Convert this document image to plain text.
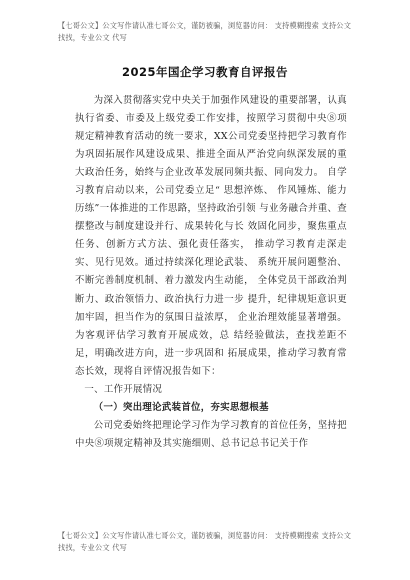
【七哥公文】公文写作请认准七哥公文，谨防被骗，浏览器访问： 支持模糊搜索 支持公文找找，专业公文 代写
2025年国企学习教育自评报告

为深入贯彻落实党中央关于加强作风建设的重要部署，认真执行省委、市委及上级党委工作安排，按照学习贯彻中央⑧项规定精神教育活动的统一要求，XX公司党委坚持把学习教育作为巩固拓展作风建设成果、推进全面从严治党向纵深发展的重大政治任务，始终与企业改革发展同频共振、同向发力。 自学习教育启动以来，公司党委立足“ 思想淬炼、 作风锤炼、能力历练”一体推进的工作思路，坚持政治引领 与业务融合并重、查摆整改与制度建设并行、成果转化与长 效固化同步，聚焦重点任务、创新方式方法、强化责任落实， 推动学习教育走深走实、见行见效。通过持续深化理论武装、 系统开展问题整治、不断完善制度机制、着力激发内生动能， 全体党员干部政治判断力、政治领悟力、政治执行力进一步 提升，纪律规矩意识更加牢固，担当作为的氛围日益浓厚， 企业治理效能显著增强。为客观评估学习教育开展成效，总 结经验做法，查找差距不足，明确改进方向，进一步巩固和 拓展成果，推动学习教育常态长效，现将自评情况报告如下：

一、工作开展情况

（一）突出理论武装首位，夯实思想根基

公司党委始终把理论学习作为学习教育的首位任务，坚持把中央⑧项规定精神及其实施细则、总书记总书记关于作

【七哥公文】公文写作请认准七哥公文，谨防被骗，浏览器访问： 支持模糊搜索 支持公文找找，专业公文 代写
